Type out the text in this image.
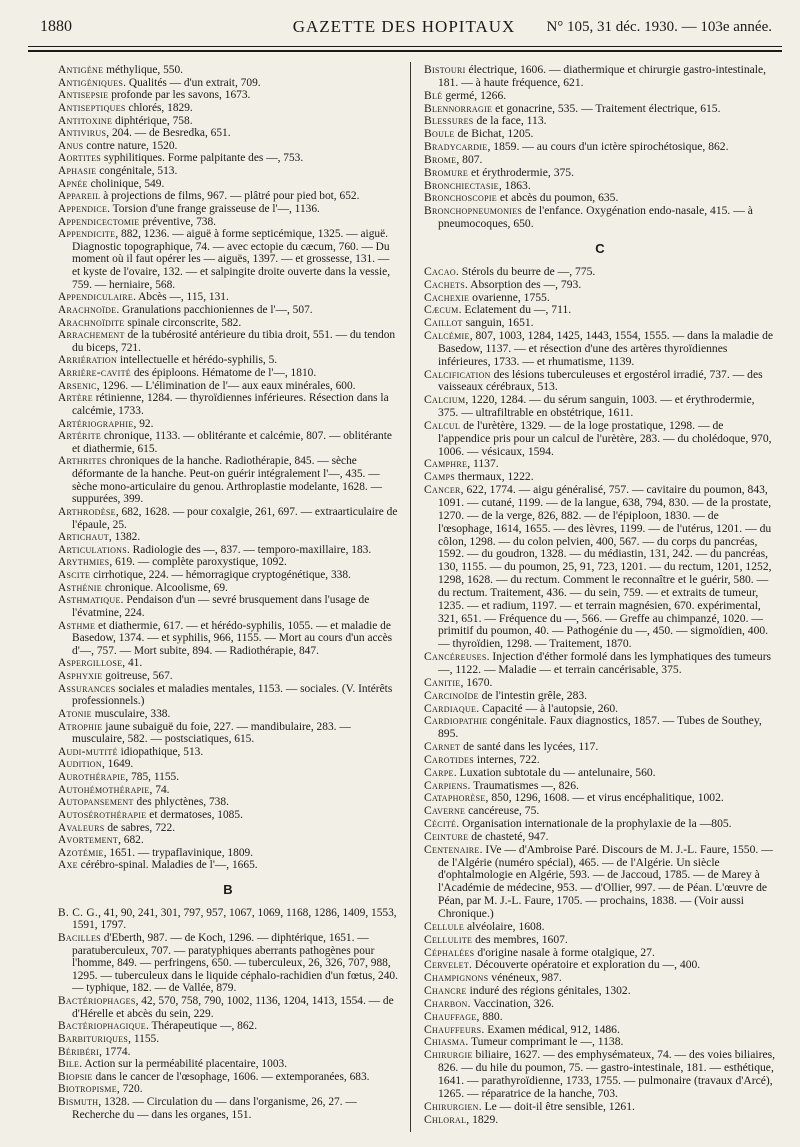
1880	GAZETTE DES HOPITAUX	N° 105, 31 déc. 1930. — 103e année.

Antigène méthylique, 550.

Antigéniques. Qualités — d'un extrait, 709.

Antisepsie profonde par les savons, 1673.

Antiseptiques chlorés, 1829.

Antitoxine diphtérique, 758.

Antivirus, 204. — de Besredka, 651.

Anus contre nature, 1520.

Aortites syphilitiques. Forme palpitante des —, 753.

Aphasie congénitale, 513.

Apnée cholinique, 549.

Appareil à projections de films, 967. — plâtré pour pied bot, 652.

Appendice. Torsion d'une frange graisseuse de l'—, 1136.

Appendicectomie préventive, 738.

Appendicite, 882, 1236. — aiguë à forme septicémique, 1325. — aiguë. Diagnostic topographique, 74. — avec ectopie du cæcum, 760. — Du moment où il faut opérer les — aiguës, 1397. — et grossesse, 131. — et kyste de l'ovaire, 132. — et salpingite droite ouverte dans la vessie, 759. — herniaire, 568.

Appendiculaire. Abcès —, 115, 131.

Arachnoïde. Granulations pacchioniennes de l'—, 507.

Arachnoïdite spinale circonscrite, 582.

Arrachement de la tubérosité antérieure du tibia droit, 551. — du tendon du biceps, 721.

Arriération intellectuelle et hérédo-syphilis, 5.

Arrière-cavité des épiploons. Hématome de l'—, 1810.

Arsenic, 1296. — L'élimination de l'— aux eaux minérales, 600.

Artère rétinienne, 1284. — thyroïdiennes inférieures. Résection dans la calcémie, 1733.

Artériographie, 92.

Artérite chronique, 1133. — oblitérante et calcémie, 807. — oblitérante et diathermie, 615.

Arthrites chroniques de la hanche. Radiothérapie, 845. — sèche déformante de la hanche. Peut-on guérir intégralement l'—, 435. — sèche mono-articulaire du genou. Arthroplastie modelante, 1628. — suppurées, 399.

Arthrodèse, 682, 1628. — pour coxalgie, 261, 697. — extraarticulaire de l'épaule, 25.

Artichaut, 1382.

Articulations. Radiologie des —, 837. — temporo-maxillaire, 183.

Arythmies, 619. — complète paroxystique, 1092.

Ascite cirrhotique, 224. — hémorragique cryptogénétique, 338.

Asthénie chronique. Alcoolisme, 69.

Asthmatique. Pendaison d'un — sevré brusquement dans l'usage de l'évatmine, 224.

Asthme et diathermie, 617. — et hérédo-syphilis, 1055. — et maladie de Basedow, 1374. — et syphilis, 966, 1155. — Mort au cours d'un accès d'—, 757. — Mort subite, 894. — Radiothérapie, 847.

Aspergillose, 41.

Asphyxie goitreuse, 567.

Assurances sociales et maladies mentales, 1153. — sociales. (V. Intérêts professionnels.)

Atonie musculaire, 338.

Atrophie jaune subaiguë du foie, 227. — mandibulaire, 283. — musculaire, 582. — postsciatiques, 615.

Audi-mutité idiopathique, 513.

Audition, 1649.

Aurothérapie, 785, 1155.

Autohémothérapie, 74.

Autopansement des phlyctènes, 738.

Autosérothérapie et dermatoses, 1085.

Avaleurs de sabres, 722.

Avortement, 682.

Azotémie, 1651. — trypaflavinique, 1809.

Axe cérébro-spinal. Maladies de l'—, 1665.

B

B. C. G., 41, 90, 241, 301, 797, 957, 1067, 1069, 1168, 1286, 1409, 1553, 1591, 1797.

Bacilles d'Eberth, 987. — de Koch, 1296. — diphtérique, 1651. — paratuberculeux, 707. — paratyphiques aberrants pathogènes pour l'homme, 849. — perfringens, 650. — tuberculeux, 26, 326, 707, 988, 1295. — tuberculeux dans le liquide céphalo-rachidien d'un fœtus, 240. — typhique, 182. — de Vallée, 879.

Bactériophages, 42, 570, 758, 790, 1002, 1136, 1204, 1413, 1554. — de d'Hérelle et abcès du sein, 229.

Bactériophagique. Thérapeutique —, 862.

Barbituriques, 1155.

Béribéri, 1774.

Bile. Action sur la perméabilité placentaire, 1003.

Biopsie dans le cancer de l'œsophage, 1606. — extemporanées, 683.

Biotropisme, 720.

Bismuth, 1328. — Circulation du — dans l'organisme, 26, 27. — Recherche du — dans les organes, 151.

Bistouri électrique, 1606. — diathermique et chirurgie gastro-intestinale, 181. — à haute fréquence, 621.

Blé germé, 1266.

Blennorragie et gonacrine, 535. — Traitement électrique, 615.

Blessures de la face, 113.

Boule de Bichat, 1205.

Bradycardie, 1859. — au cours d'un ictère spirochétosique, 862.

Brome, 807.

Bromure et érythrodermie, 375.

Bronchiectasie, 1863.

Bronchoscopie et abcès du poumon, 635.

Bronchopneumonies de l'enfance. Oxygénation endo-nasale, 415. — à pneumocoques, 650.

C

Cacao. Stérols du beurre de —, 775.

Cachets. Absorption des —, 793.

Cachexie ovarienne, 1755.

Cæcum. Eclatement du —, 711.

Caillot sanguin, 1651.

Calcémie, 807, 1003, 1284, 1425, 1443, 1554, 1555. — dans la maladie de Basedow, 1137. — et résection d'une des artères thyroïdiennes inférieures, 1733. — et rhumatisme, 1139.

Calcification des lésions tuberculeuses et ergostérol irradié, 737. — des vaisseaux cérébraux, 513.

Calcium, 1220, 1284. — du sérum sanguin, 1003. — et érythrodermie, 375. — ultrafiltrable en obstétrique, 1611.

Calcul de l'urètère, 1329. — de la loge prostatique, 1298. — de l'appendice pris pour un calcul de l'urètère, 283. — du cholédoque, 970, 1006. — vésicaux, 1594.

Camphre, 1137.

Camps thermaux, 1222.

Cancer, 622, 1774. — aigu généralisé, 757. — cavitaire du poumon, 843, 1091. — cutané, 1199. — de la langue, 638, 794, 830. — de la prostate, 1270. — de la verge, 826, 882. — de l'épiploon, 1830. — de l'œsophage, 1614, 1655. — des lèvres, 1199. — de l'utérus, 1201. — du côlon, 1298. — du colon pelvien, 400, 567. — du corps du pancréas, 1592. — du goudron, 1328. — du médiastin, 131, 242. — du pancréas, 130, 1155. — du poumon, 25, 91, 723, 1201. — du rectum, 1201, 1252, 1298, 1628. — du rectum. Comment le reconnaître et le guérir, 580. — du rectum. Traitement, 436. — du sein, 759. — et extraits de tumeur, 1235. — et radium, 1197. — et terrain magnésien, 670. expérimental, 321, 651. — Fréquence du —, 566. — Greffe au chimpanzé, 1020. — primitif du poumon, 40. — Pathogénie du —, 450. — sigmoïdien, 400. — thyroïdien, 1298. — Traitement, 1870.

Cancéreuses. Injection d'éther formolé dans les lymphatiques des tumeurs —, 1122. — Maladie — et terrain cancérisable, 375.

Canitie, 1670.

Carcinoïde de l'intestin grêle, 283.

Cardiaque. Capacité — à l'autopsie, 260.

Cardiopathie congénitale. Faux diagnostics, 1857. — Tubes de Southey, 895.

Carnet de santé dans les lycées, 117.

Carotides internes, 722.

Carpe. Luxation subtotale du — antelunaire, 560.

Carpiens. Traumatismes —, 826.

Cataphorèse, 850, 1296, 1608. — et virus encéphalitique, 1002.

Caverne cancéreuse, 75.

Cécité. Organisation internationale de la prophylaxie de la —805.

Ceinture de chasteté, 947.

Centenaire. IVe — d'Ambroise Paré. Discours de M. J.-L. Faure, 1550. — de l'Algérie (numéro spécial), 465. — de l'Algérie. Un siècle d'ophtalmologie en Algérie, 593. — de Jaccoud, 1785. — de Marey à l'Académie de médecine, 953. — d'Ollier, 997. — de Péan. L'œuvre de Péan, par M. J.-L. Faure, 1705. — prochains, 1838. — (Voir aussi Chronique.)

Cellule alvéolaire, 1608.

Cellulite des membres, 1607.

Céphalées d'origine nasale à forme otalgique, 27.

Cervelet. Découverte opératoire et exploration du —, 400.

Champignons vénéneux, 987.

Chancre induré des régions génitales, 1302.

Charbon. Vaccination, 326.

Chauffage, 880.

Chauffeurs. Examen médical, 912, 1486.

Chiasma. Tumeur comprimant le —, 1138.

Chirurgie biliaire, 1627. — des emphysémateux, 74. — des voies biliaires, 826. — du hile du poumon, 75. — gastro-intestinale, 181. — esthétique, 1641. — parathyroïdienne, 1733, 1755. — pulmonaire (travaux d'Arcé), 1265. — réparatrice de la hanche, 703.

Chirurgien. Le — doit-il être sensible, 1261.

Chloral, 1829.
